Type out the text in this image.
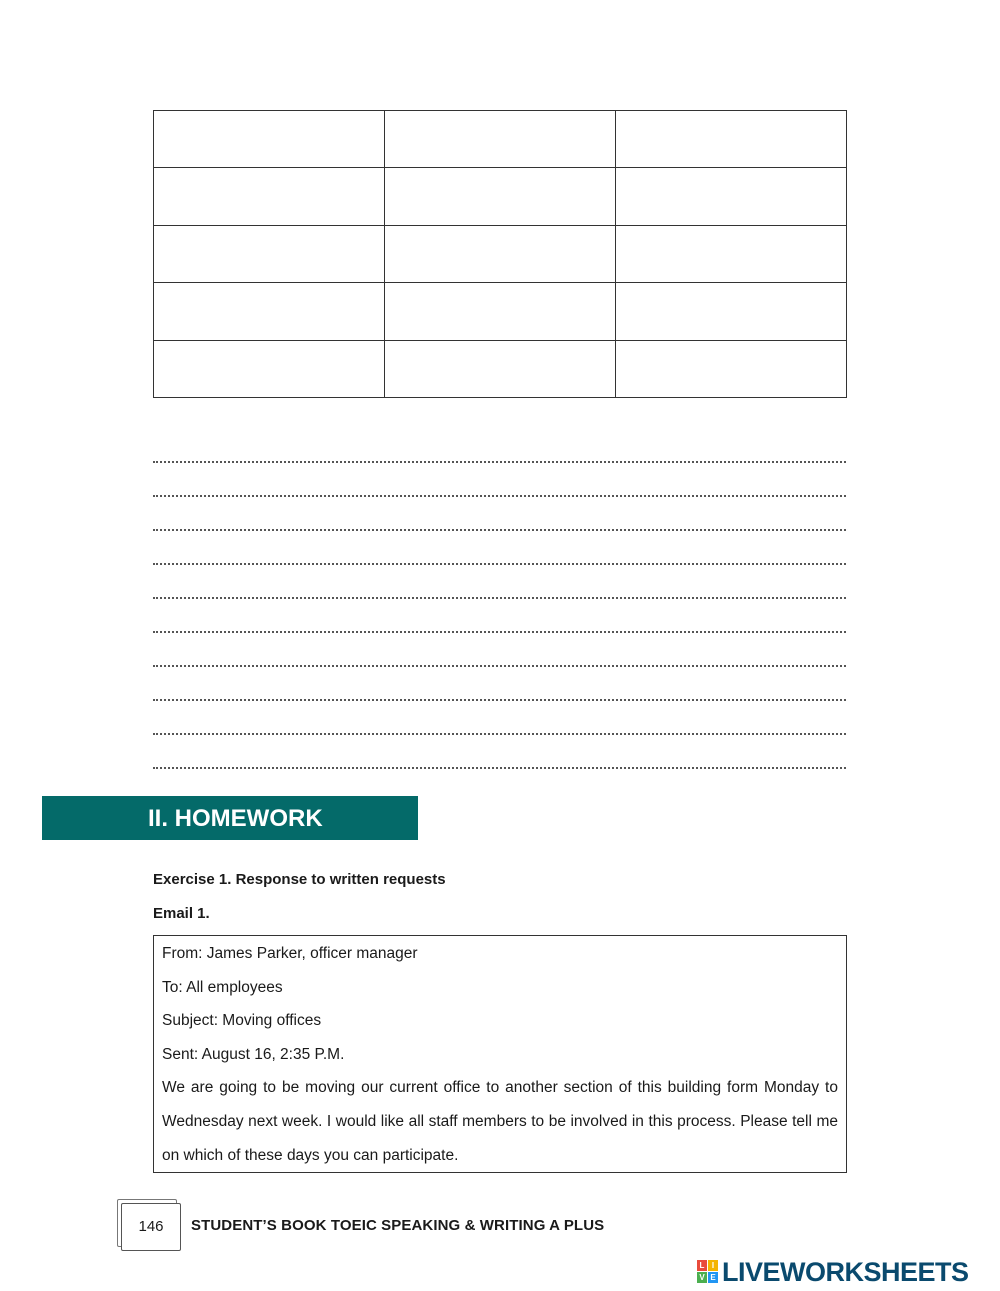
II. HOMEWORK
Exercise 1. Response to written requests
Email 1.
From: James Parker, officer manager
To: All employees
Subject: Moving offices
Sent: August 16, 2:35 P.M.
We are going to be moving our current office to another section of this building form Monday to Wednesday next week. I would like all staff members to be involved in this process. Please tell me on which of these days you can participate.
146	STUDENT’S BOOK TOEIC SPEAKING & WRITING A PLUS
L I
V E LIVEWORKSHEETS
